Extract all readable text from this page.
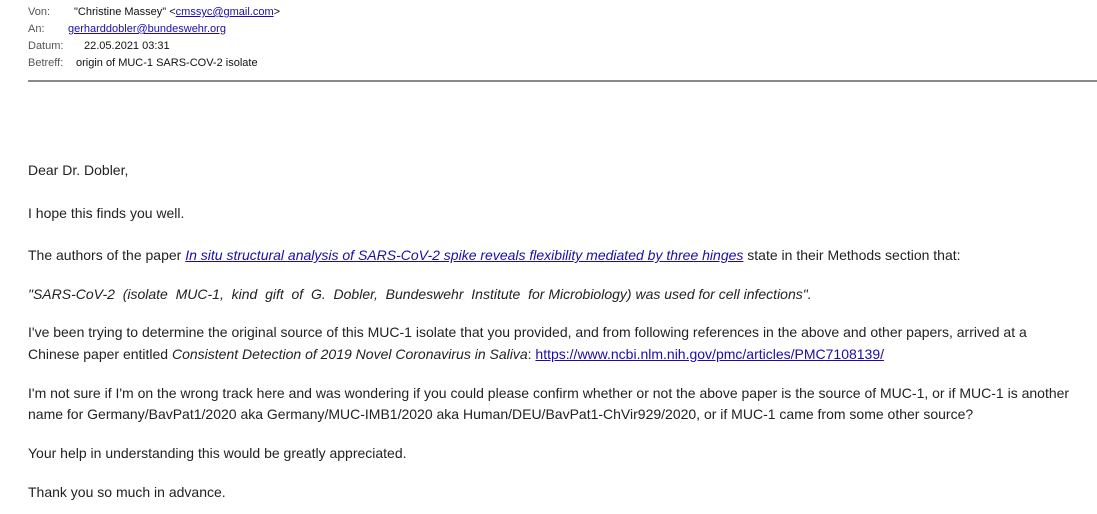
Von: "Christine Massey" <cmssyc@gmail.com>
An: gerharddobler@bundeswehr.org
Datum: 22.05.2021 03:31
Betreff: origin of MUC-1 SARS-COV-2 isolate

Dear Dr. Dobler,

I hope this finds you well.

The authors of the paper In situ structural analysis of SARS-CoV-2 spike reveals flexibility mediated by three hinges state in their Methods section that:

"SARS-CoV-2  (isolate  MUC-1,  kind  gift  of  G.  Dobler,  Bundeswehr  Institute  for Microbiology) was used for cell infections".

I've been trying to determine the original source of this MUC-1 isolate that you provided, and from following references in the above and other papers, arrived at a

Chinese paper entitled Consistent Detection of 2019 Novel Coronavirus in Saliva: https://www.ncbi.nlm.nih.gov/pmc/articles/PMC7108139/

I'm not sure if I'm on the wrong track here and was wondering if you could please confirm whether or not the above paper is the source of MUC-1, or if MUC-1 is another

name for Germany/BavPat1/2020 aka Germany/MUC-IMB1/2020 aka Human/DEU/BavPat1-ChVir929/2020, or if MUC-1 came from some other source?

Your help in understanding this would be greatly appreciated.

Thank you so much in advance.
